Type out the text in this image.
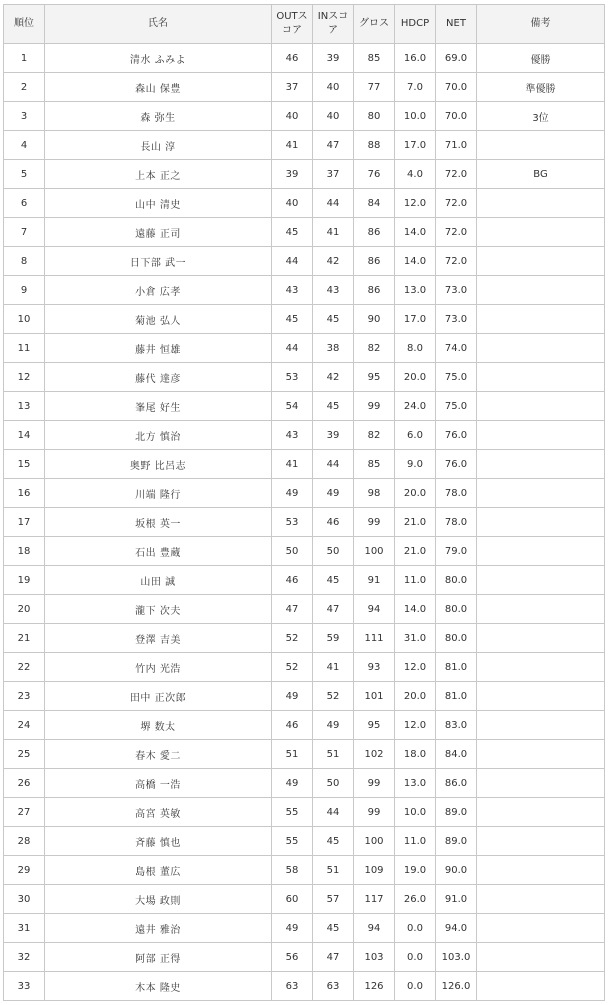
順位	氏名	OUTスコア	INスコア	グロス	HDCP	NET	備考
1	清水 ふみよ	46	39	85	16.0	69.0	優勝
2	森山 保豊	37	40	77	7.0	70.0	準優勝
3	森 弥生	40	40	80	10.0	70.0	3位
4	長山 淳	41	47	88	17.0	71.0	
5	上本 正之	39	37	76	4.0	72.0	BG
6	山中 清史	40	44	84	12.0	72.0	
7	遠藤 正司	45	41	86	14.0	72.0	
8	日下部 武一	44	42	86	14.0	72.0	
9	小倉 広孝	43	43	86	13.0	73.0	
10	菊池 弘人	45	45	90	17.0	73.0	
11	藤井 恒雄	44	38	82	8.0	74.0	
12	藤代 達彦	53	42	95	20.0	75.0	
13	峯尾 好生	54	45	99	24.0	75.0	
14	北方 慎治	43	39	82	6.0	76.0	
15	奥野 比呂志	41	44	85	9.0	76.0	
16	川端 隆行	49	49	98	20.0	78.0	
17	坂根 英一	53	46	99	21.0	78.0	
18	石出 豊蔵	50	50	100	21.0	79.0	
19	山田 誠	46	45	91	11.0	80.0	
20	瀧下 次夫	47	47	94	14.0	80.0	
21	登澤 吉美	52	59	111	31.0	80.0	
22	竹内 光浩	52	41	93	12.0	81.0	
23	田中 正次郎	49	52	101	20.0	81.0	
24	堺 数太	46	49	95	12.0	83.0	
25	春木 愛二	51	51	102	18.0	84.0	
26	高橋 一浩	49	50	99	13.0	86.0	
27	高宮 英敏	55	44	99	10.0	89.0	
28	斉藤 慎也	55	45	100	11.0	89.0	
29	島根 董広	58	51	109	19.0	90.0	
30	大場 政則	60	57	117	26.0	91.0	
31	遠井 雅治	49	45	94	0.0	94.0	
32	阿部 正得	56	47	103	0.0	103.0	
33	木本 隆史	63	63	126	0.0	126.0	
